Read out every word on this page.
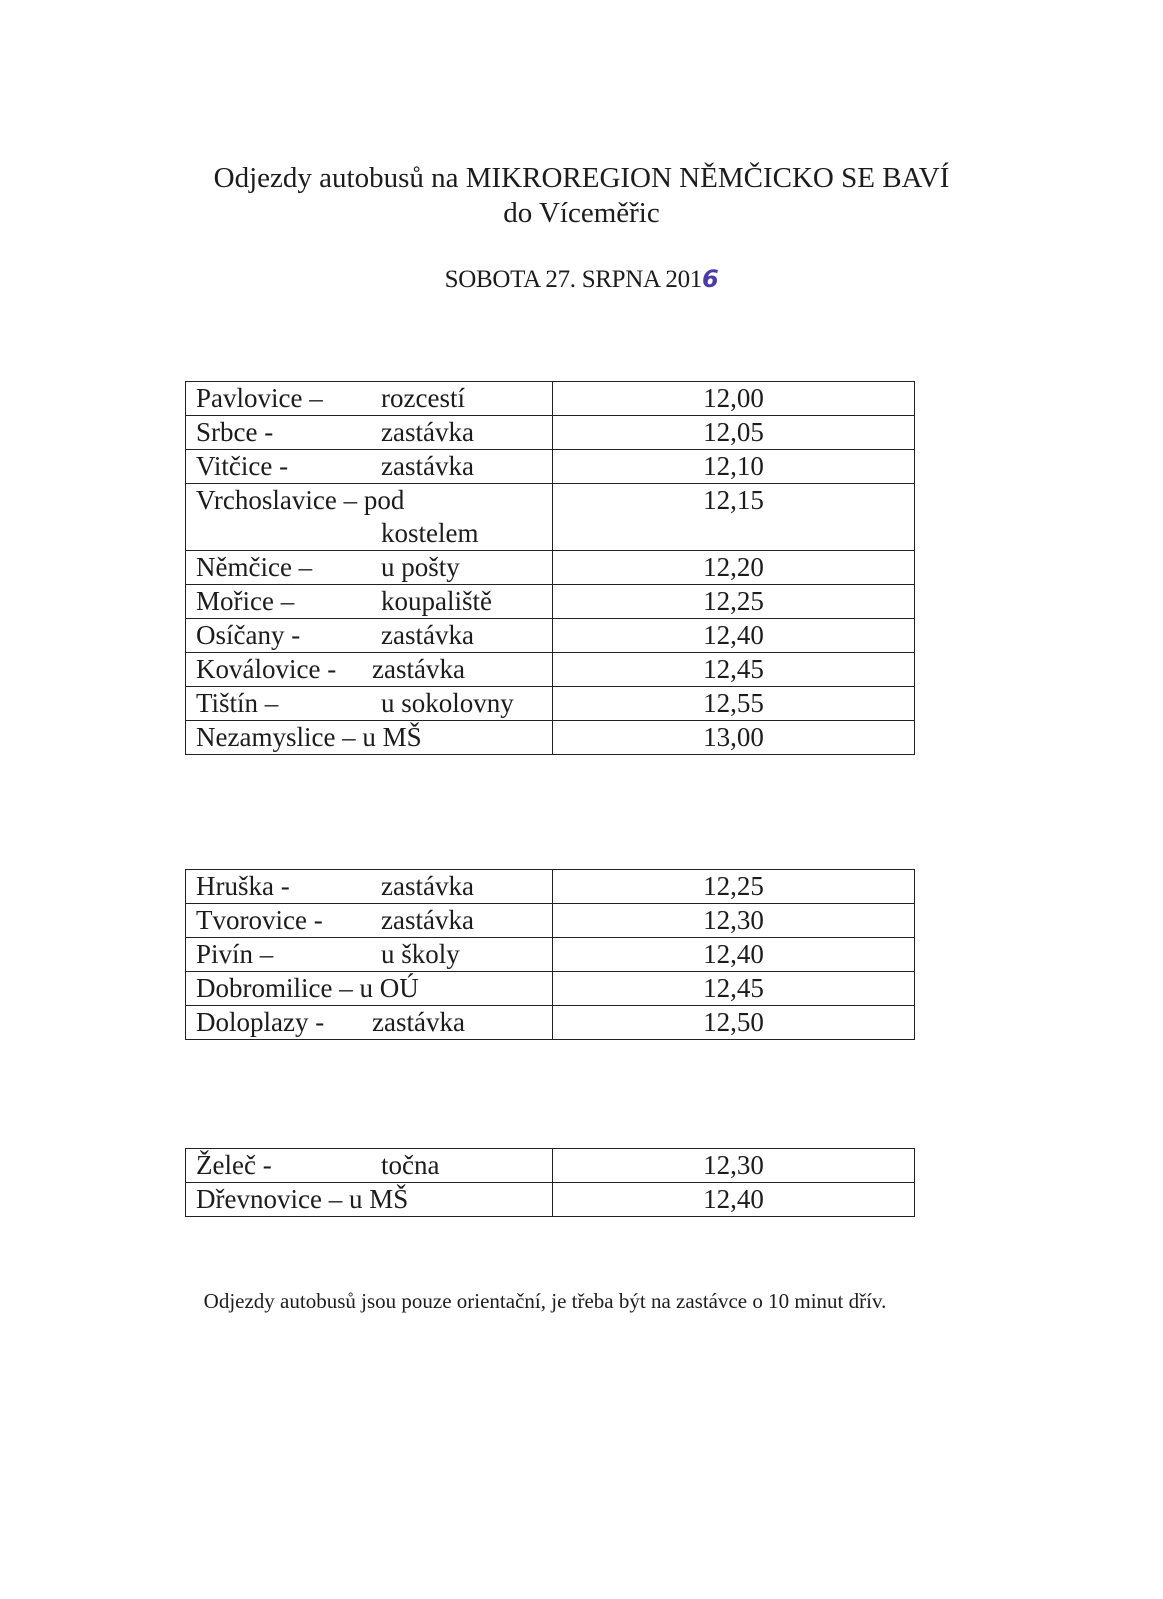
Odjezdy autobusů na MIKROREGION NĚMČICKO SE BAVÍ
do Víceměřic
SOBOTA 27. SRPNA 2016
Pavlovice – rozcestí	12,00
Srbce - zastávka	12,05
Vitčice - zastávka	12,10
Vrchoslavice – pod
kostelem	12,15
Němčice – u pošty	12,20
Mořice – koupaliště	12,25
Osíčany - zastávka	12,40
Koválovice - zastávka	12,45
Tištín – u sokolovny	12,55
Nezamyslice – u MŠ	13,00
Hruška - zastávka	12,25
Tvorovice - zastávka	12,30
Pivín – u školy	12,40
Dobromilice – u OÚ	12,45
Doloplazy - zastávka	12,50
Želeč - točna	12,30
Dřevnovice – u MŠ	12,40
Odjezdy autobusů jsou pouze orientační, je třeba být na zastávce o 10 minut dřív.
